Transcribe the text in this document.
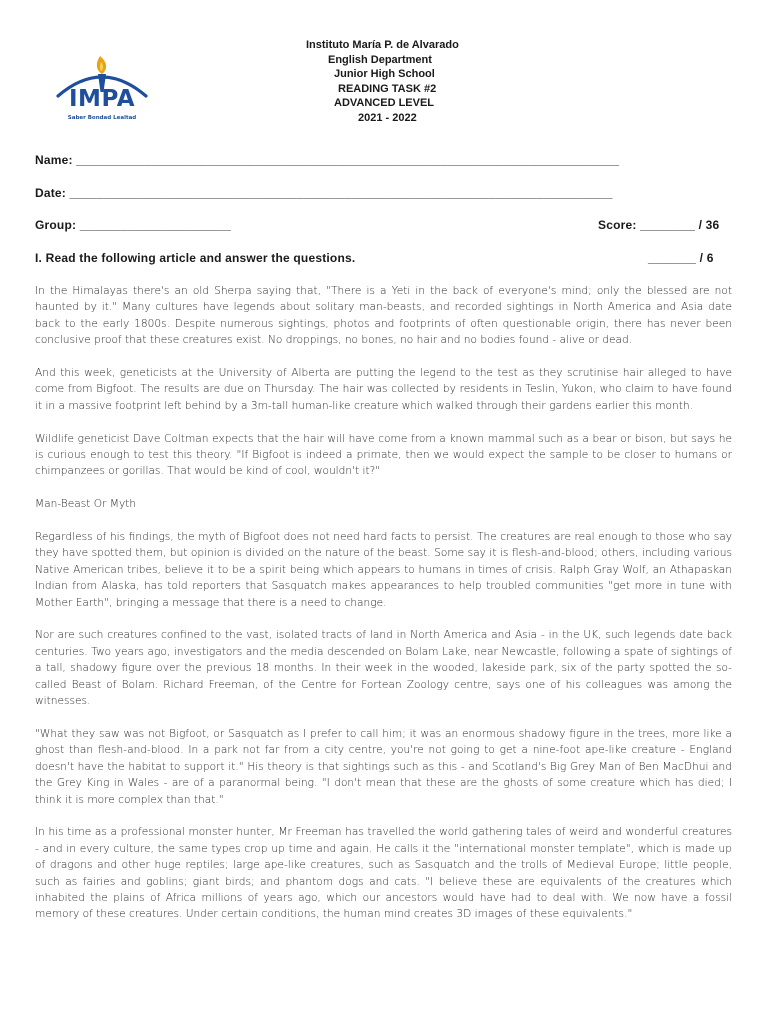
IMPA
Saber Bondad Lealtad
Instituto María P. de Alvarado
English Department
Junior High School
READING TASK #2
ADVANCED LEVEL
2021 - 2022
Name: _______________________________________________________________________________
Date: _______________________________________________________________________________
Group: ______________________	Score: ________ / 36
I. Read the following article and answer the questions.	_______ / 6

In the Himalayas there's an old Sherpa saying that, "There is a Yeti in the back of everyone's mind; only the blessed are not haunted by it." Many cultures have legends about solitary man-beasts, and recorded sightings in North America and Asia date back to the early 1800s. Despite numerous sightings, photos and footprints of often questionable origin, there has never been conclusive proof that these creatures exist. No droppings, no bones, no hair and no bodies found - alive or dead.

And this week, geneticists at the University of Alberta are putting the legend to the test as they scrutinise hair alleged to have come from Bigfoot. The results are due on Thursday. The hair was collected by residents in Teslin, Yukon, who claim to have found it in a massive footprint left behind by a 3m-tall human-like creature which walked through their gardens earlier this month.

Wildlife geneticist Dave Coltman expects that the hair will have come from a known mammal such as a bear or bison, but says he is curious enough to test this theory. "If Bigfoot is indeed a primate, then we would expect the sample to be closer to humans or chimpanzees or gorillas. That would be kind of cool, wouldn't it?"

Man-Beast Or Myth

Regardless of his findings, the myth of Bigfoot does not need hard facts to persist. The creatures are real enough to those who say they have spotted them, but opinion is divided on the nature of the beast. Some say it is flesh-and-blood; others, including various Native American tribes, believe it to be a spirit being which appears to humans in times of crisis. Ralph Gray Wolf, an Athapaskan Indian from Alaska, has told reporters that Sasquatch makes appearances to help troubled communities "get more in tune with Mother Earth", bringing a message that there is a need to change.

Nor are such creatures confined to the vast, isolated tracts of land in North America and Asia - in the UK, such legends date back centuries. Two years ago, investigators and the media descended on Bolam Lake, near Newcastle, following a spate of sightings of a tall, shadowy figure over the previous 18 months. In their week in the wooded, lakeside park, six of the party spotted the so-called Beast of Bolam. Richard Freeman, of the Centre for Fortean Zoology centre, says one of his colleagues was among the witnesses.

"What they saw was not Bigfoot, or Sasquatch as I prefer to call him; it was an enormous shadowy figure in the trees, more like a ghost than flesh-and-blood. In a park not far from a city centre, you're not going to get a nine-foot ape-like creature - England doesn't have the habitat to support it." His theory is that sightings such as this - and Scotland's Big Grey Man of Ben MacDhui and the Grey King in Wales - are of a paranormal being. "I don't mean that these are the ghosts of some creature which has died; I think it is more complex than that."

In his time as a professional monster hunter, Mr Freeman has travelled the world gathering tales of weird and wonderful creatures - and in every culture, the same types crop up time and again. He calls it the "international monster template", which is made up of dragons and other huge reptiles; large ape-like creatures, such as Sasquatch and the trolls of Medieval Europe; little people, such as fairies and goblins; giant birds; and phantom dogs and cats. "I believe these are equivalents of the creatures which inhabited the plains of Africa millions of years ago, which our ancestors would have had to deal with. We now have a fossil memory of these creatures. Under certain conditions, the human mind creates 3D images of these equivalents."
